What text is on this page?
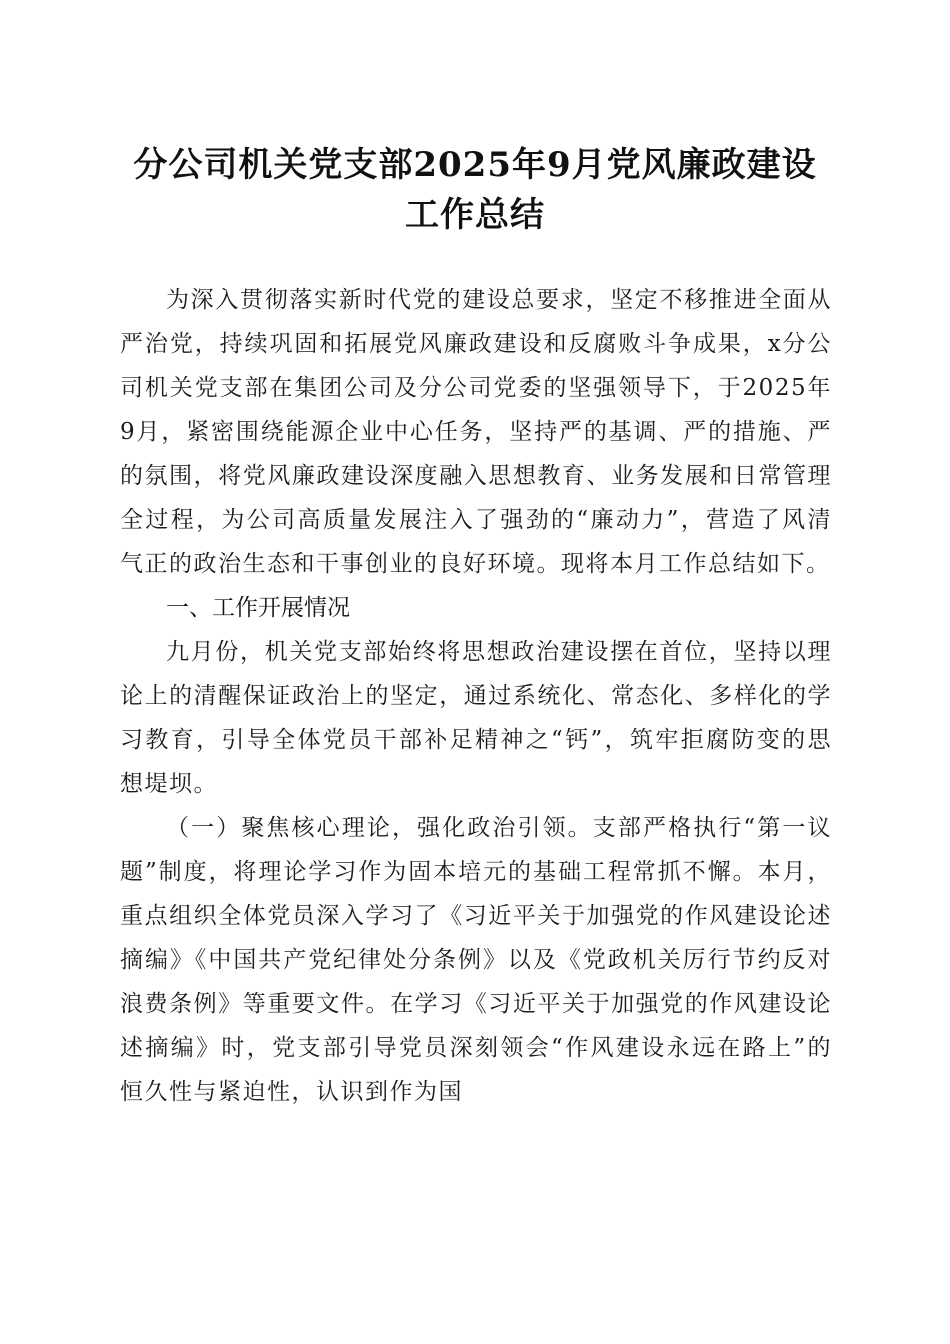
分公司机关党支部2025年9月党风廉政建设
工作总结

为深入贯彻落实新时代党的建设总要求，坚定不移推进全面从严治党，持续巩固和拓展党风廉政建设和反腐败斗争成果，x分公司机关党支部在集团公司及分公司党委的坚强领导下，于2025年9月，紧密围绕能源企业中心任务，坚持严的基调、严的措施、严的氛围，将党风廉政建设深度融入思想教育、业务发展和日常管理全过程，为公司高质量发展注入了强劲的“廉动力”，营造了风清气正的政治生态和干事创业的良好环境。现将本月工作总结如下。

一、工作开展情况

九月份，机关党支部始终将思想政治建设摆在首位，坚持以理论上的清醒保证政治上的坚定，通过系统化、常态化、多样化的学习教育，引导全体党员干部补足精神之“钙”，筑牢拒腐防变的思想堤坝。

（一）聚焦核心理论，强化政治引领。支部严格执行“第一议题”制度，将理论学习作为固本培元的基础工程常抓不懈。本月，重点组织全体党员深入学习了《习近平关于加强党的作风建设论述摘编》《中国共产党纪律处分条例》以及《党政机关厉行节约反对浪费条例》等重要文件。在学习《习近平关于加强党的作风建设论述摘编》时，党支部引导党员深刻领会“作风建设永远在路上”的恒久性与紧迫性，认识到作为国
